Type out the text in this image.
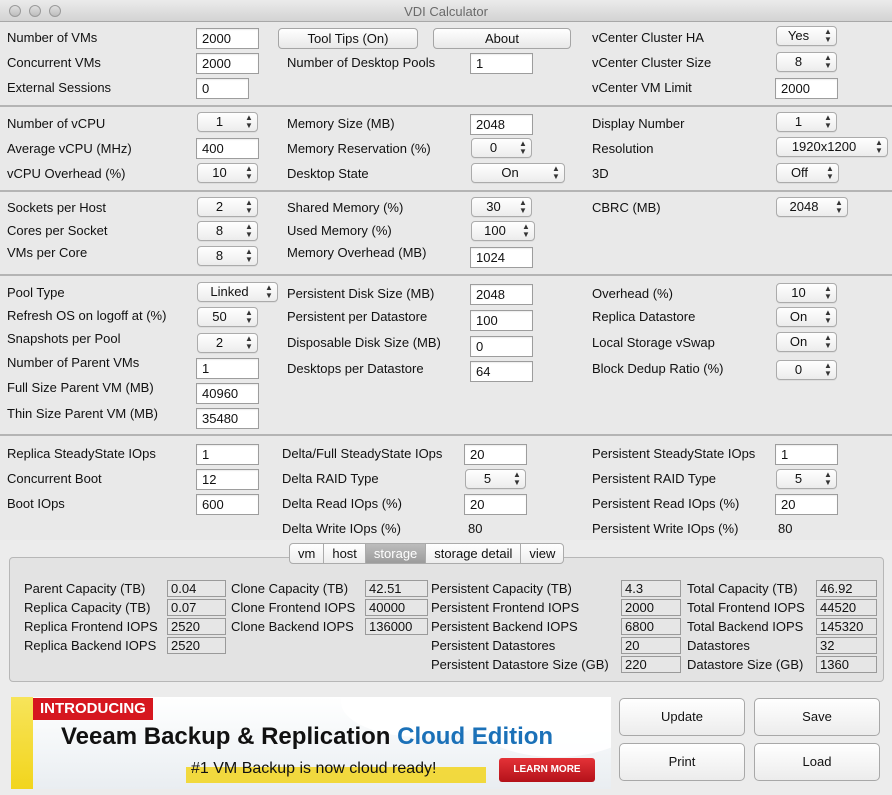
VDI Calculator
Number of VMs	2000
Concurrent VMs	2000
External Sessions	0
Tool Tips (On)	About
Number of Desktop Pools	1
vCenter Cluster HA	Yes ▲
▼
vCenter Cluster Size	8	▲
▼
vCenter VM Limit	2000
Number of vCPU	1	▲
▼
Average vCPU (MHz)	400
vCPU Overhead (%)	10 ▲
▼
Memory Size (MB)	2048
Memory Reservation (%)	0	▲
▼
Desktop State	On	▲
▼
Display Number	1	▲
▼
Resolution	1920x1200 ▲
▼
3D	Off ▲
▼
Sockets per Host	2	▲
▼
Cores per Socket	8	▲
▼
VMs per Core	8	▲
▼
Shared Memory (%)	30 ▲
▼
Used Memory (%)	100 ▲
▼
Memory Overhead (MB)	1024
CBRC (MB)	2048 ▲
▼
Pool Type	Linked ▲
▼
Refresh OS on logoff at (%)	50 ▲
▼
Snapshots per Pool	2	▲
▼
Number of Parent VMs	1
Full Size Parent VM (MB)	40960
Thin Size Parent VM (MB)	35480
Persistent Disk Size (MB)	2048
Persistent per Datastore	100
Disposable Disk Size (MB)	0
Desktops per Datastore	64
Overhead (%)	10 ▲
▼
Replica Datastore	On ▲
▼
Local Storage vSwap	On ▲
▼
Block Dedup Ratio (%)	0	▲
▼
Replica SteadyState IOps	1
Concurrent Boot	12
Boot IOps	600
Delta/Full SteadyState IOps	20
Delta RAID Type	5	▲
▼
Delta Read IOps (%)	20
Delta Write IOps (%)	80
Persistent SteadyState IOps	1
Persistent RAID Type	5	▲
▼
Persistent Read IOps (%)	20
Persistent Write IOps (%)	80
Parent Capacity (TB)	0.04
Replica Capacity (TB)	0.07
Replica Frontend IOPS	2520
Replica Backend IOPS	2520
Clone Capacity (TB)	42.51
Clone Frontend IOPS	40000
Clone Backend IOPS	136000
Persistent Capacity (TB)	4.3
Persistent Frontend IOPS	2000
Persistent Backend IOPS	6800
Persistent Datastores	20
Persistent Datastore Size (GB)	220
Total Capacity (TB)	46.92
Total Frontend IOPS	44520
Total Backend IOPS	145320
Datastores	32
Datastore Size (GB)	1360
vm	host	storage	storage detail	view
INTRODUCING
Veeam Backup & Replication Cloud Edition
#1 VM Backup is now cloud ready!	LEARN MORE
Update	Save
Print	Load
